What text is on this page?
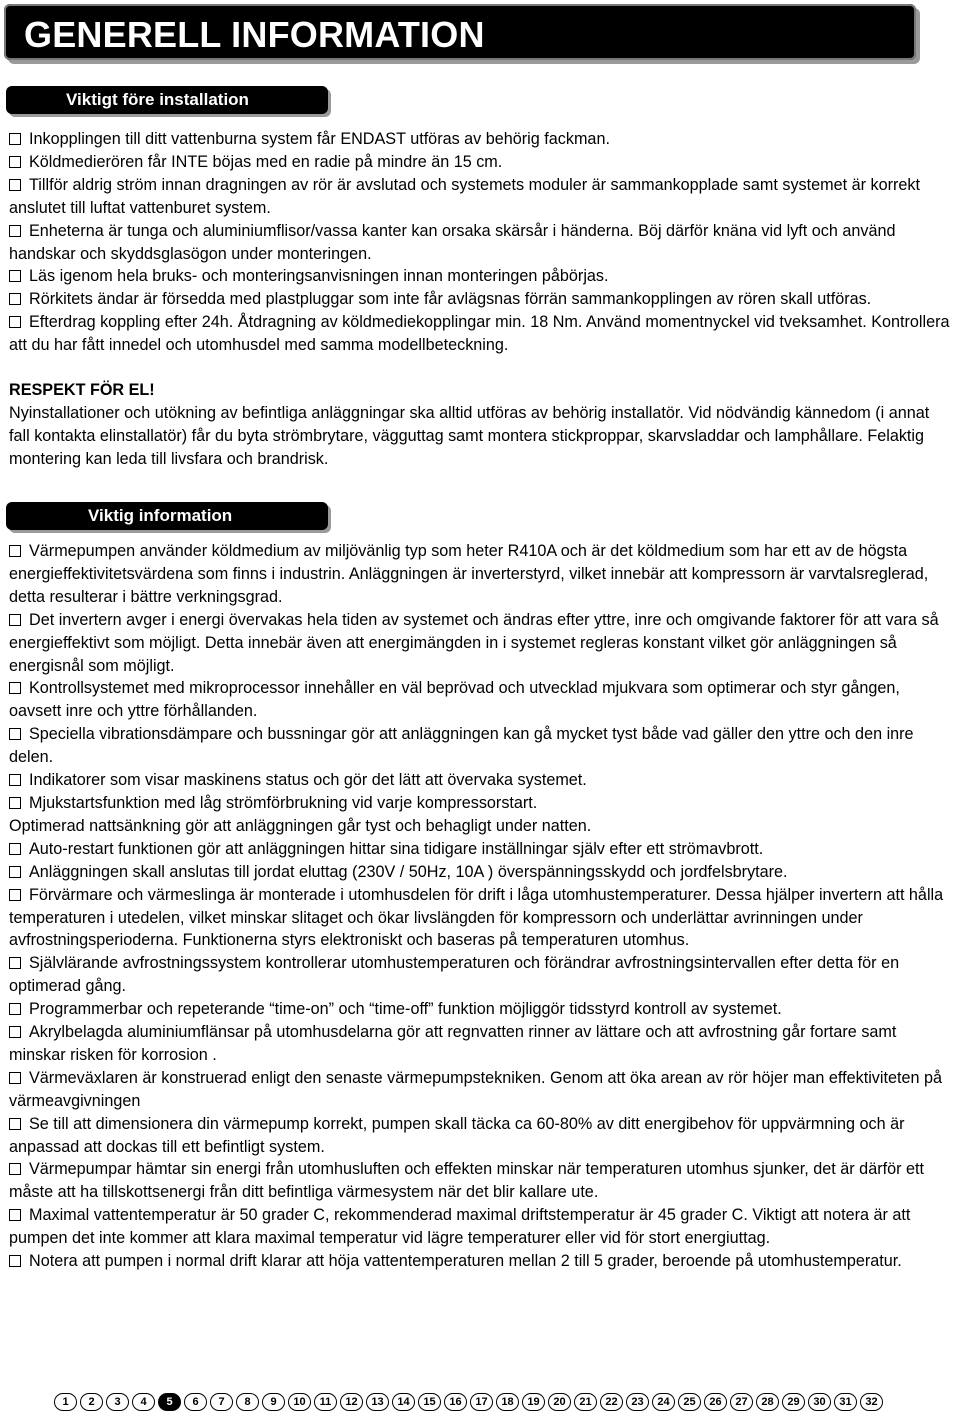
GENERELL INFORMATION
Viktigt före installation

Inkopplingen till ditt vattenburna system får ENDAST utföras av behörig fackman.

Köldmedierören får INTE böjas med en radie på mindre än 15 cm.

Tillför aldrig ström innan dragningen av rör är avslutad och systemets moduler är sammankopplade samt systemet är korrekt anslutet till luftat vattenburet system.

Enheterna är tunga och aluminiumflisor/vassa kanter kan orsaka skärsår i händerna. Böj därför knäna vid lyft och använd handskar och skyddsglasögon under monteringen.

Läs igenom hela bruks- och monteringsanvisningen innan monteringen påbörjas.

Rörkitets ändar är försedda med plastpluggar som inte får avlägsnas förrän sammankopplingen av rören skall utföras.

Efterdrag koppling efter 24h. Åtdragning av köldmediekopplingar min. 18 Nm. Använd momentnyckel vid tveksamhet. Kontrollera att du har fått innedel och utomhusdel med samma modellbeteckning.

RESPEKT FÖR EL!

Nyinstallationer och utökning av befintliga anläggningar ska alltid utföras av behörig installatör. Vid nödvändig kännedom (i annat fall kontakta elinstallatör) får du byta strömbrytare, vägguttag samt montera stickproppar, skarvsladdar och lamphållare. Felaktig montering kan leda till livsfara och brandrisk.

Viktig information

Värmepumpen använder köldmedium av miljövänlig typ som heter R410A och är det köldmedium som har ett av de högsta energieffektivitetsvärdena som finns i industrin. Anläggningen är inverterstyrd, vilket innebär att kompressorn är varvtalsreglerad, detta resulterar i bättre verkningsgrad.

Det invertern avger i energi övervakas hela tiden av systemet och ändras efter yttre, inre och omgivande faktorer för att vara så energieffektivt som möjligt. Detta innebär även att energimängden in i systemet regleras konstant vilket gör anläggningen så energisnål som möjligt.

Kontrollsystemet med mikroprocessor innehåller en väl beprövad och utvecklad mjukvara som optimerar och styr gången, oavsett inre och yttre förhållanden.

Speciella vibrationsdämpare och bussningar gör att anläggningen kan gå mycket tyst både vad gäller den yttre och den inre delen.

Indikatorer som visar maskinens status och gör det lätt att övervaka systemet.

Mjukstartsfunktion med låg strömförbrukning vid varje kompressorstart.

Optimerad nattsänkning gör att anläggningen går tyst och behagligt under natten.

Auto-restart funktionen gör att anläggningen hittar sina tidigare inställningar själv efter ett strömavbrott.

Anläggningen skall anslutas till jordat eluttag (230V / 50Hz, 10A ) överspänningsskydd och jordfelsbrytare.

Förvärmare och värmeslinga är monterade i utomhusdelen för drift i låga utomhustemperaturer. Dessa hjälper invertern att hålla temperaturen i utedelen, vilket minskar slitaget och ökar livslängden för kompressorn och underlättar avrinningen under avfrostningsperioderna. Funktionerna styrs elektroniskt och baseras på temperaturen utomhus.

Självlärande avfrostningssystem kontrollerar utomhustemperaturen och förändrar avfrostningsintervallen efter detta för en optimerad gång.

Programmerbar och repeterande “time-on” och “time-off” funktion möjliggör tidsstyrd kontroll av systemet.

Akrylbelagda aluminiumflänsar på utomhusdelarna gör att regnvatten rinner av lättare och att avfrostning går fortare samt minskar risken för korrosion .

Värmeväxlaren är konstruerad enligt den senaste värmepumpstekniken. Genom att öka arean av rör höjer man effektiviteten på värmeavgivningen

Se till att dimensionera din värmepump korrekt, pumpen skall täcka ca 60-80% av ditt energibehov för uppvärmning och är anpassad att dockas till ett befintligt system.

Värmepumpar hämtar sin energi från utomhusluften och effekten minskar när temperaturen utomhus sjunker, det är därför ett måste att ha tillskottsenergi från ditt befintliga värmesystem när det blir kallare ute.

Maximal vattentemperatur är 50 grader C, rekommenderad maximal driftstemperatur är 45 grader C. Viktigt att notera är att pumpen det inte kommer att klara maximal temperatur vid lägre temperaturer eller vid för stort energiuttag.

Notera att pumpen i normal drift klarar att höja vattentemperaturen mellan 2 till 5 grader, beroende på utomhustemperatur.

1	2	3	4	5	6	7	8	9	10	11	12	13	14	15	16	17	18	19	20	21	22	23	24	25	26	27	28	29	30	31	32
